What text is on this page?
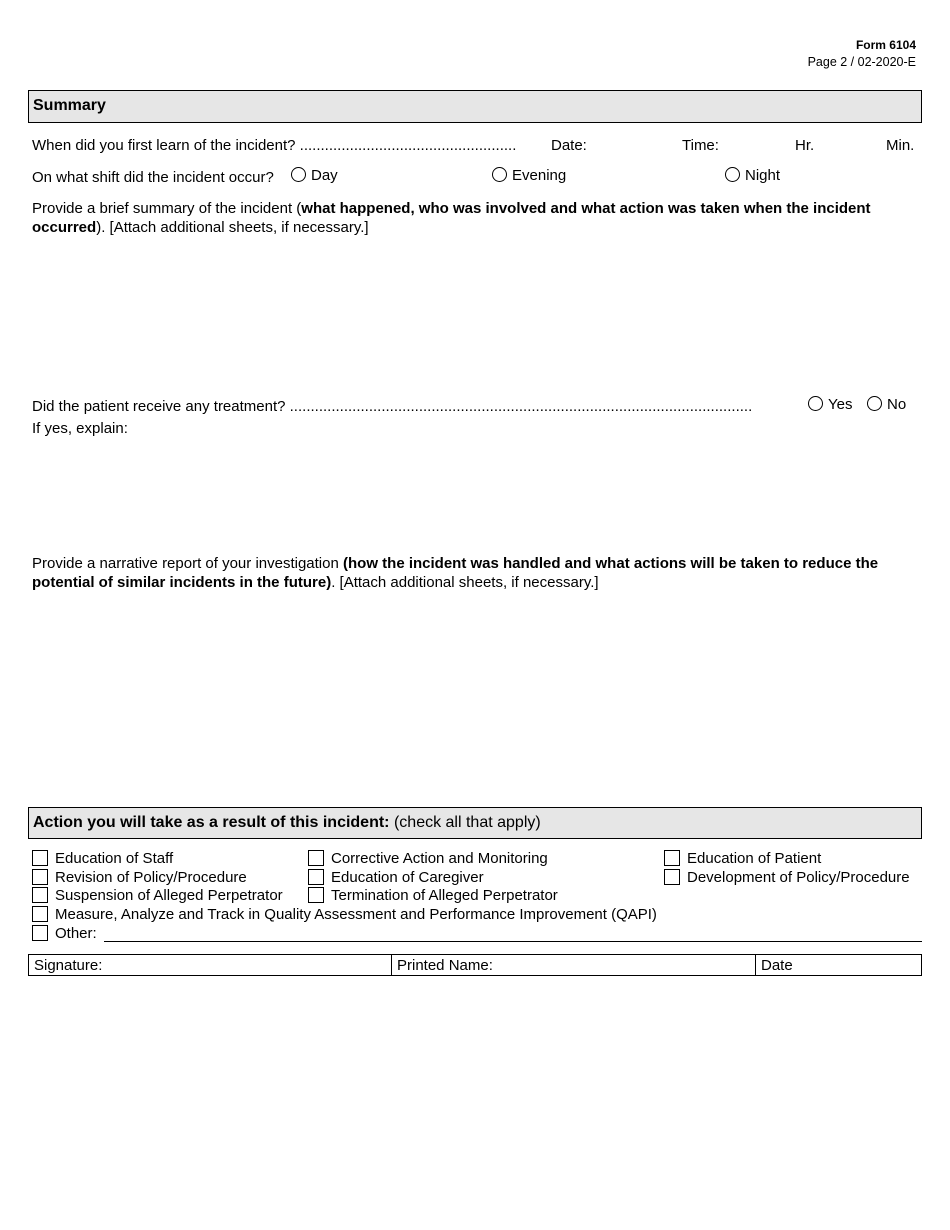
Form 6104
Page 2 / 02-2020-E
Summary
When did you first learn of the incident? .................................................... Date:	Time:	Hr.	Min.
On what shift did the incident occur?	Day	Evening	Night
Provide a brief summary of the incident (what happened, who was involved and what action was taken when the incident occurred). [Attach additional sheets, if necessary.]
Did the patient receive any treatment? ...............................................................................................................	Yes	No
If yes, explain:
Provide a narrative report of your investigation (how the incident was handled and what actions will be taken to reduce the potential of similar incidents in the future). [Attach additional sheets, if necessary.]
Action you will take as a result of this incident: (check all that apply)
Education of Staff	Corrective Action and Monitoring	Education of Patient
Revision of Policy/Procedure	Education of Caregiver	Development of Policy/Procedure
Suspension of Alleged Perpetrator	Termination of Alleged Perpetrator
Measure, Analyze and Track in Quality Assessment and Performance Improvement (QAPI)
Other:
Signature:	Printed Name:	Date
